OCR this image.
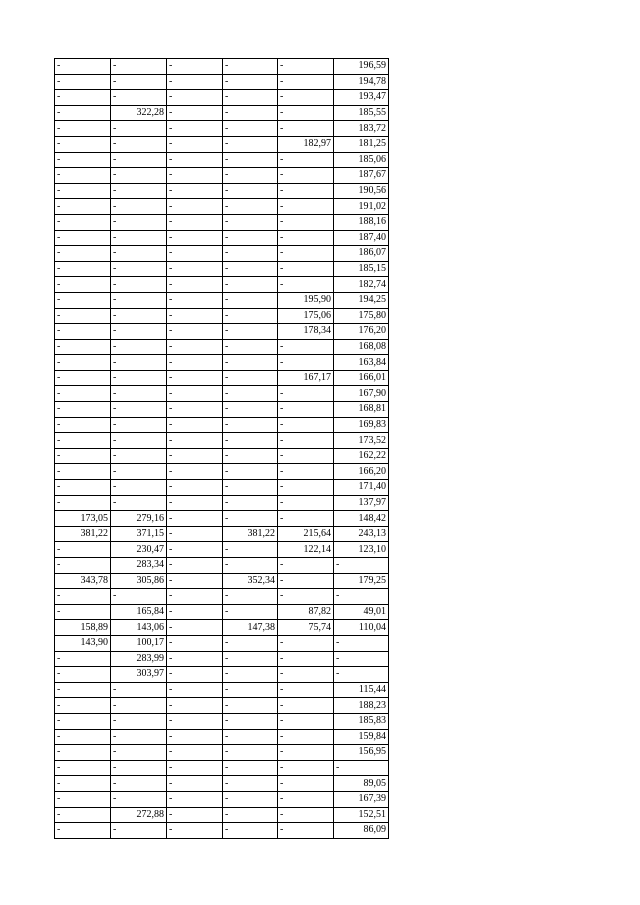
-	-	-	-	-	196,59
-	-	-	-	-	194,78
-	-	-	-	-	193,47
-	322,28	-	-	-	185,55
-	-	-	-	-	183,72
-	-	-	-	182,97	181,25
-	-	-	-	-	185,06
-	-	-	-	-	187,67
-	-	-	-	-	190,56
-	-	-	-	-	191,02
-	-	-	-	-	188,16
-	-	-	-	-	187,40
-	-	-	-	-	186,07
-	-	-	-	-	185,15
-	-	-	-	-	182,74
-	-	-	-	195,90	194,25
-	-	-	-	175,06	175,80
-	-	-	-	178,34	176,20
-	-	-	-	-	168,08
-	-	-	-	-	163,84
-	-	-	-	167,17	166,01
-	-	-	-	-	167,90
-	-	-	-	-	168,81
-	-	-	-	-	169,83
-	-	-	-	-	173,52
-	-	-	-	-	162,22
-	-	-	-	-	166,20
-	-	-	-	-	171,40
-	-	-	-	-	137,97
173,05	279,16	-	-	-	148,42
381,22	371,15	-	381,22	215,64	243,13
-	230,47	-	-	122,14	123,10
-	283,34	-	-	-	-
343,78	305,86	-	352,34	-	179,25
-	-	-	-	-	-
-	165,84	-	-	87,82	49,01
158,89	143,06	-	147,38	75,74	110,04
143,90	100,17	-	-	-	-
-	283,99	-	-	-	-
-	303,97	-	-	-	-
-	-	-	-	-	115,44
-	-	-	-	-	188,23
-	-	-	-	-	185,83
-	-	-	-	-	159,84
-	-	-	-	-	156,95
-	-	-	-	-	-
-	-	-	-	-	89,05
-	-	-	-	-	167,39
-	272,88	-	-	-	152,51
-	-	-	-	-	86,09
